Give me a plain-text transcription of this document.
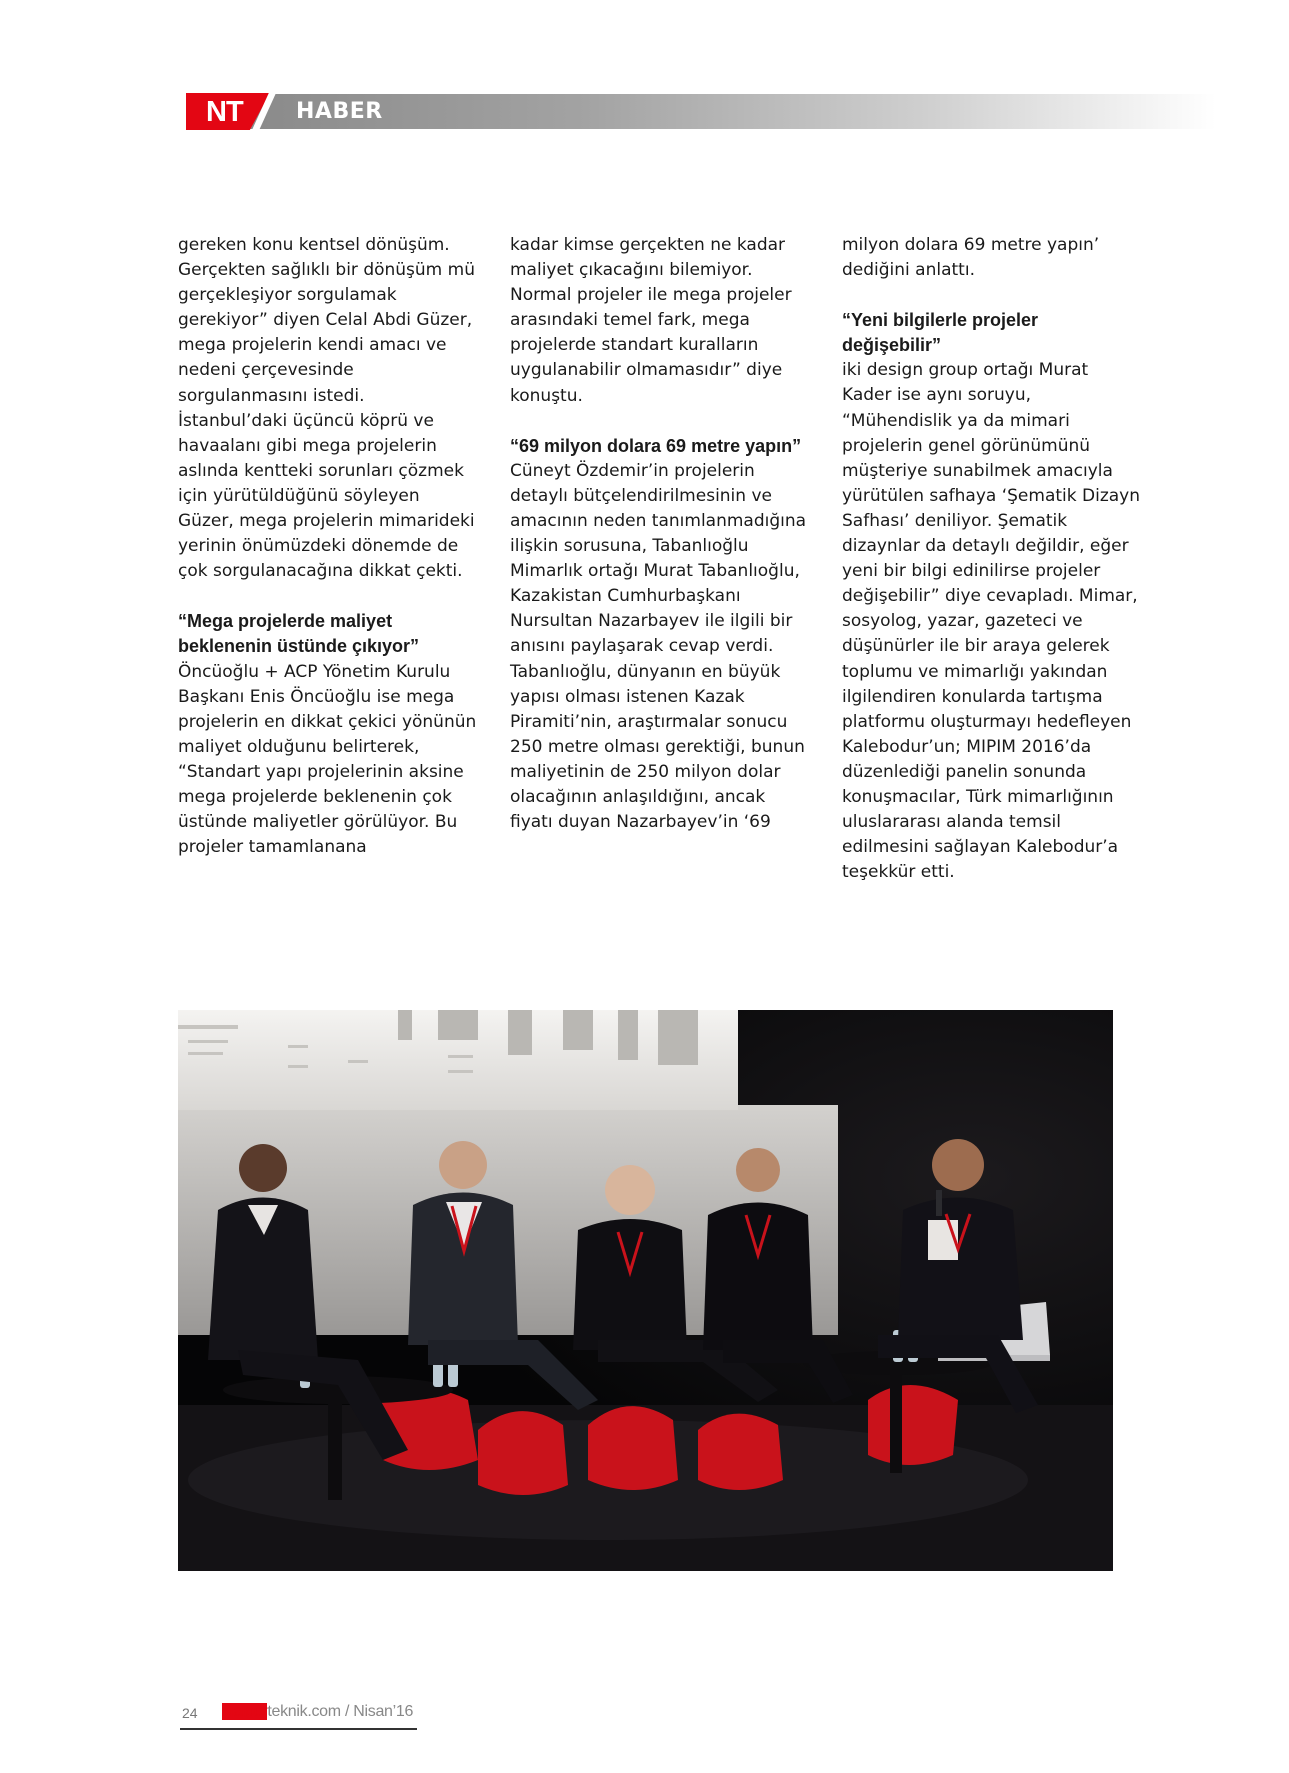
NT HABER

gereken konu kentsel dönüşüm. Gerçekten sağlıklı bir dönüşüm mü gerçekleşiyor sorgulamak gerekiyor” diyen Celal Abdi Güzer, mega projelerin kendi amacı ve nedeni çerçevesinde sorgulanmasını istedi. İstanbul’daki üçüncü köprü ve havaalanı gibi mega projelerin aslında kentteki sorunları çözmek için yürütüldüğünü söyleyen Güzer, mega projelerin mimarideki yerinin önümüzdeki dönemde de çok sorgulanacağına dikkat çekti.

“Mega projelerde maliyet beklenenin üstünde çıkıyor”

Öncüoğlu + ACP Yönetim Kurulu Başkanı Enis Öncüoğlu ise mega projelerin en dikkat çekici yönünün maliyet olduğunu belirterek, “Standart yapı projelerinin aksine mega projelerde beklenenin çok üstünde maliyetler görülüyor. Bu projeler tamamlanana

kadar kimse gerçekten ne kadar maliyet çıkacağını bilemiyor. Normal projeler ile mega projeler arasındaki temel fark, mega projelerde standart kuralların uygulanabilir olmamasıdır” diye konuştu.

“69 milyon dolara 69 metre yapın”

Cüneyt Özdemir’in projelerin detaylı bütçelendirilmesinin ve amacının neden tanımlanmadığına ilişkin sorusuna, Tabanlıoğlu Mimarlık ortağı Murat Tabanlıoğlu, Kazakistan Cumhurbaşkanı Nursultan Nazarbayev ile ilgili bir anısını paylaşarak cevap verdi. Tabanlıoğlu, dünyanın en büyük yapısı olması istenen Kazak Piramiti’nin, araştırmalar sonucu 250 metre olması gerektiği, bunun maliyetinin de 250 milyon dolar olacağının anlaşıldığını, ancak fiyatı duyan Nazarbayev’in ‘69

milyon dolara 69 metre yapın’ dediğini anlattı.

“Yeni bilgilerle projeler değişebilir”

iki design group ortağı Murat Kader ise aynı soruyu, “Mühendislik ya da mimari projelerin genel görünümünü müşteriye sunabilmek amacıyla yürütülen safhaya ‘Şematik Dizayn Safhası’ deniliyor. Şematik dizaynlar da detaylı değildir, eğer yeni bir bilgi edinilirse projeler değişebilir” diye cevapladı. Mimar, sosyolog, yazar, gazeteci ve düşünürler ile bir araya gelerek toplumu ve mimarlığı yakından ilgilendiren konularda tartışma platformu oluşturmayı hedefleyen Kalebodur’un; MIPIM 2016’da düzenlediği panelin sonunda konuşmacılar, Türk mimarlığının uluslararası alanda temsil edilmesini sağlayan Kalebodur’a teşekkür etti.

24 Nalburteknik.com / Nisan’16
